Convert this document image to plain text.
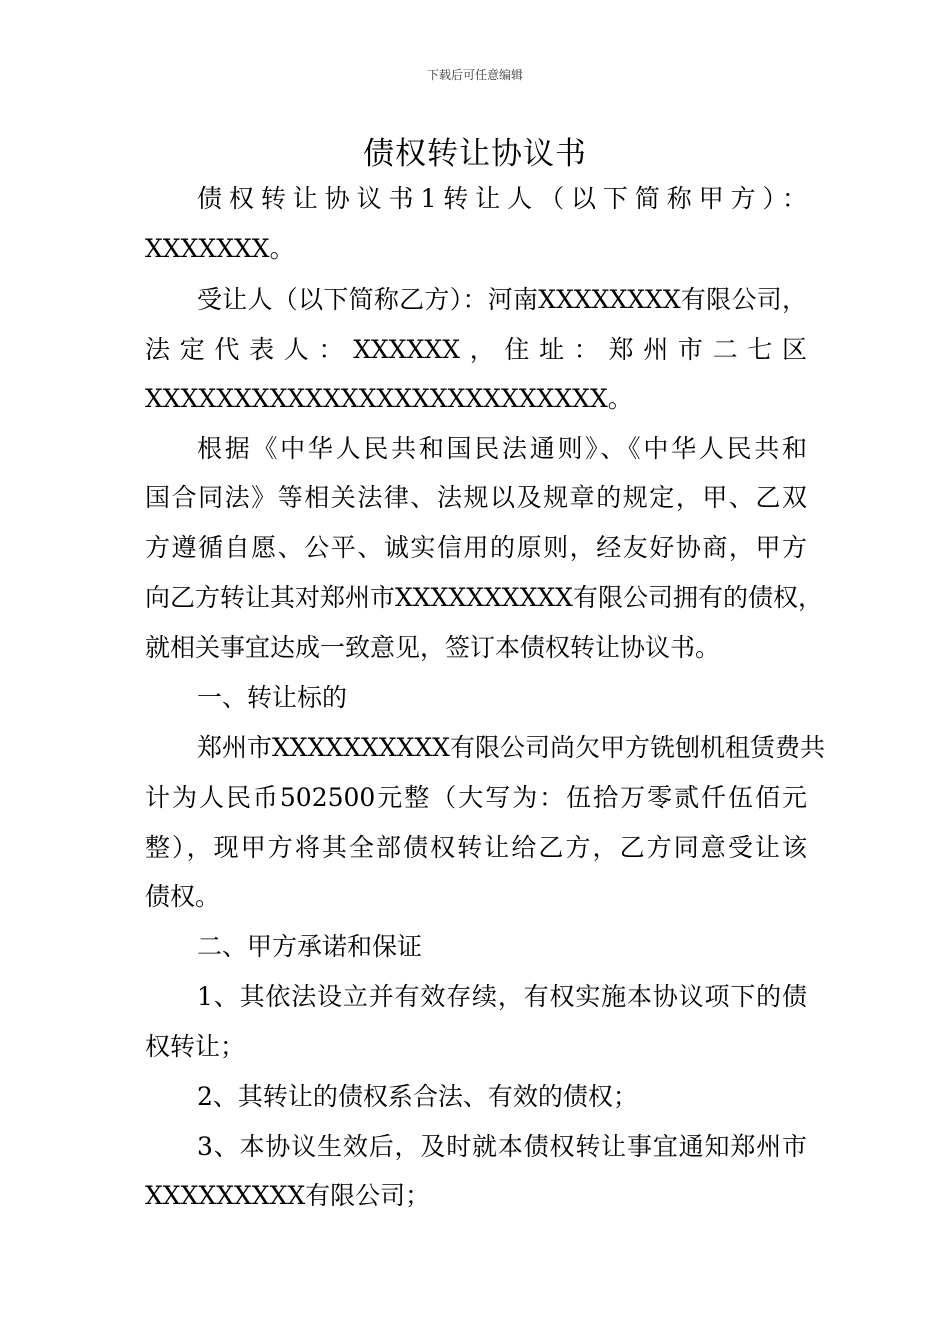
下载后可任意编辑
债权转让协议书
债权转让协议书1转让人（以下简称甲方）：
XXXXXXX。
受让人（以下简称乙方）：河南XXXXXXXX有限公司，
法定代表人：XXXXXX，住址：郑州市二七区
XXXXXXXXXXXXXXXXXXXXXXXXXX。
根据《中华人民共和国民法通则》、《中华人民共和
国合同法》等相关法律、法规以及规章的规定，甲、乙双
方遵循自愿、公平、诚实信用的原则，经友好协商，甲方
向乙方转让其对郑州市XXXXXXXXXX有限公司拥有的债权，
就相关事宜达成一致意见，签订本债权转让协议书。
一、转让标的
郑州市XXXXXXXXXX有限公司尚欠甲方铣刨机租赁费共
计为人民币502500元整（大写为：伍拾万零贰仟伍佰元
整），现甲方将其全部债权转让给乙方，乙方同意受让该
债权。
二、甲方承诺和保证
1、其依法设立并有效存续，有权实施本协议项下的债
权转让；
2、其转让的债权系合法、有效的债权；
3、本协议生效后，及时就本债权转让事宜通知郑州市
XXXXXXXXX有限公司；
